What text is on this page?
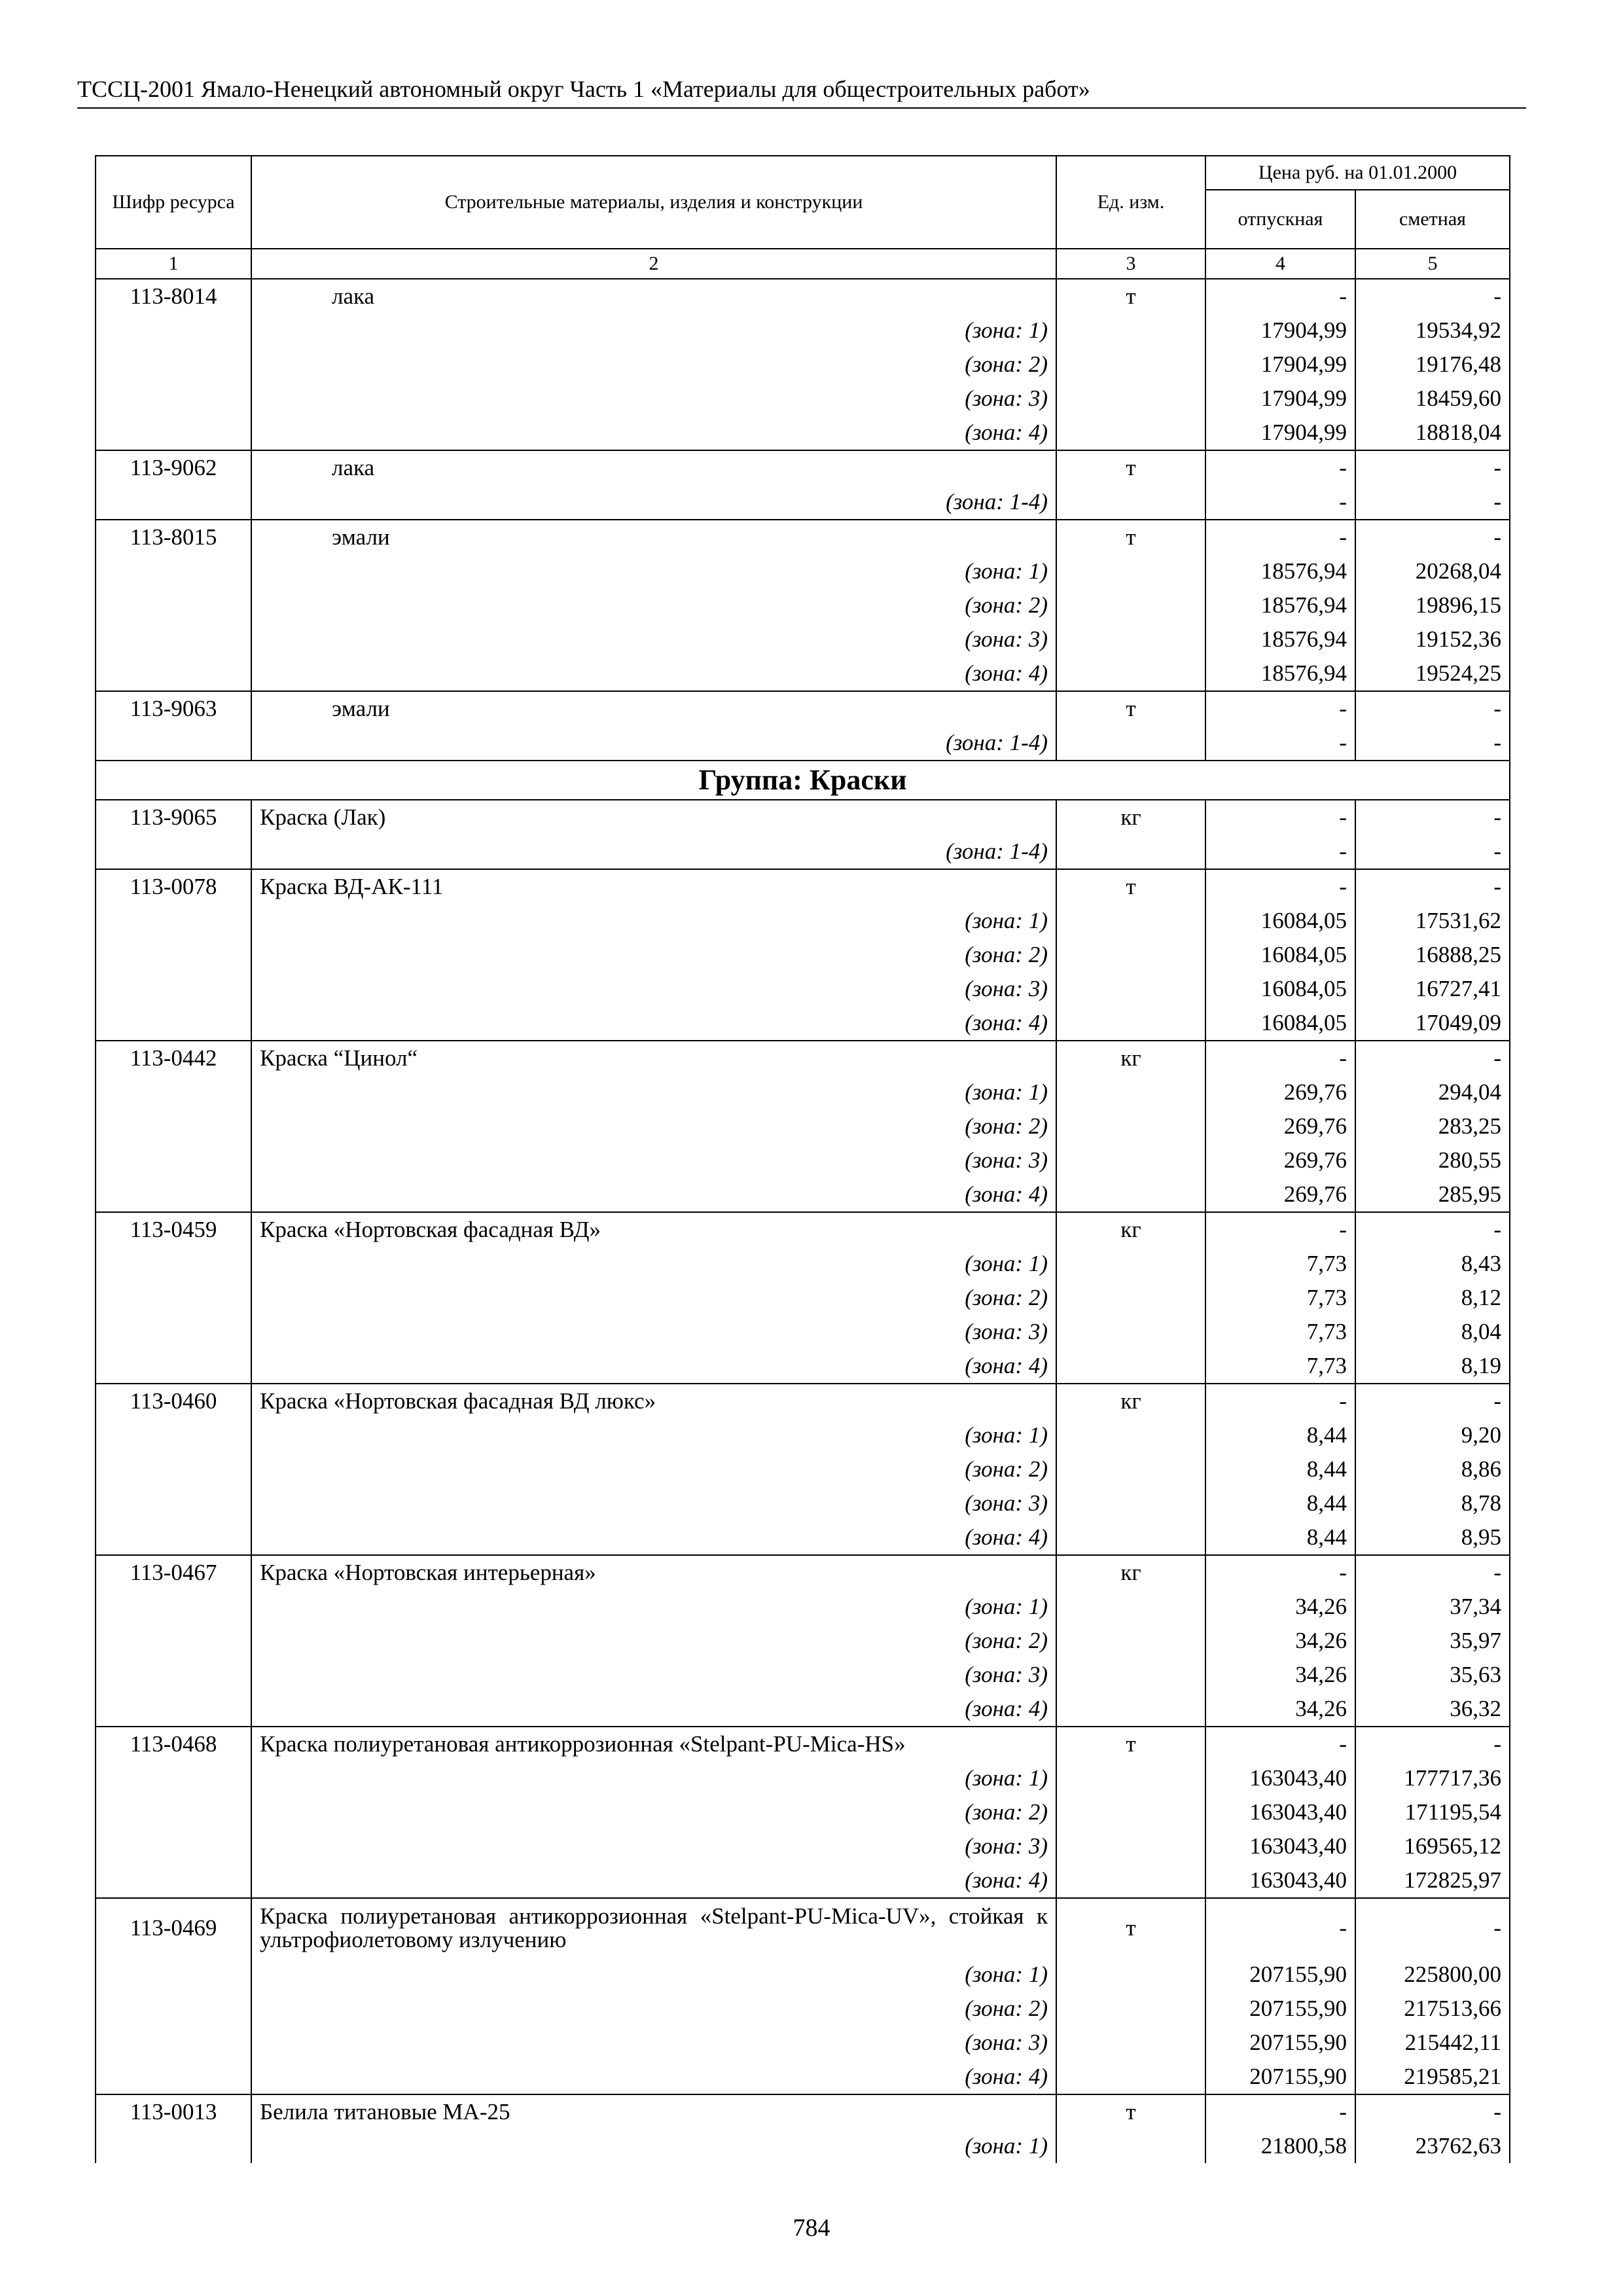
ТССЦ-2001 Ямало-Ненецкий автономный округ Часть 1 «Материалы для общестроительных работ»
Шифр ресурса	Строительные материалы, изделия и конструкции	Ед. изм.	Цена руб. на 01.01.2000	
			отпускная	сметная
1	2	3	4	5
113-8014	лака	т	-	-
	(зона: 1)		17904,99	19534,92
	(зона: 2)		17904,99	19176,48
	(зона: 3)		17904,99	18459,60
	(зона: 4)		17904,99	18818,04
113-9062	лака	т	-	-
	(зона: 1-4)		-	-
113-8015	эмали	т	-	-
	(зона: 1)		18576,94	20268,04
	(зона: 2)		18576,94	19896,15
	(зона: 3)		18576,94	19152,36
	(зона: 4)		18576,94	19524,25
113-9063	эмали	т	-	-
	(зона: 1-4)		-	-
Группа: Краски				
113-9065	Краска (Лак)	кг	-	-
	(зона: 1-4)		-	-
113-0078	Краска ВД-АК-111	т	-	-
	(зона: 1)		16084,05	17531,62
	(зона: 2)		16084,05	16888,25
	(зона: 3)		16084,05	16727,41
	(зона: 4)		16084,05	17049,09
113-0442	Краска “Цинол“	кг	-	-
	(зона: 1)		269,76	294,04
	(зона: 2)		269,76	283,25
	(зона: 3)		269,76	280,55
	(зона: 4)		269,76	285,95
113-0459	Краска «Нортовская фасадная ВД»	кг	-	-
	(зона: 1)		7,73	8,43
	(зона: 2)		7,73	8,12
	(зона: 3)		7,73	8,04
	(зона: 4)		7,73	8,19
113-0460	Краска «Нортовская фасадная ВД люкс»	кг	-	-
	(зона: 1)		8,44	9,20
	(зона: 2)		8,44	8,86
	(зона: 3)		8,44	8,78
	(зона: 4)		8,44	8,95
113-0467	Краска «Нортовская интерьерная»	кг	-	-
	(зона: 1)		34,26	37,34
	(зона: 2)		34,26	35,97
	(зона: 3)		34,26	35,63
	(зона: 4)		34,26	36,32
113-0468	Краска полиуретановая антикоррозионная «Stelpant-PU-Mica-HS»	т	-	-
	(зона: 1)		163043,40	177717,36
	(зона: 2)		163043,40	171195,54
	(зона: 3)		163043,40	169565,12
	(зона: 4)		163043,40	172825,97
113-0469	Краска полиуретановая антикоррозионная «Stelpant-PU-Mica-UV», стойкая к ультрофиолетовому излучению	т	-	-
	(зона: 1)		207155,90	225800,00
	(зона: 2)		207155,90	217513,66
	(зона: 3)		207155,90	215442,11
	(зона: 4)		207155,90	219585,21
113-0013	Белила титановые МА-25	т	-	-
	(зона: 1)		21800,58	23762,63
784
